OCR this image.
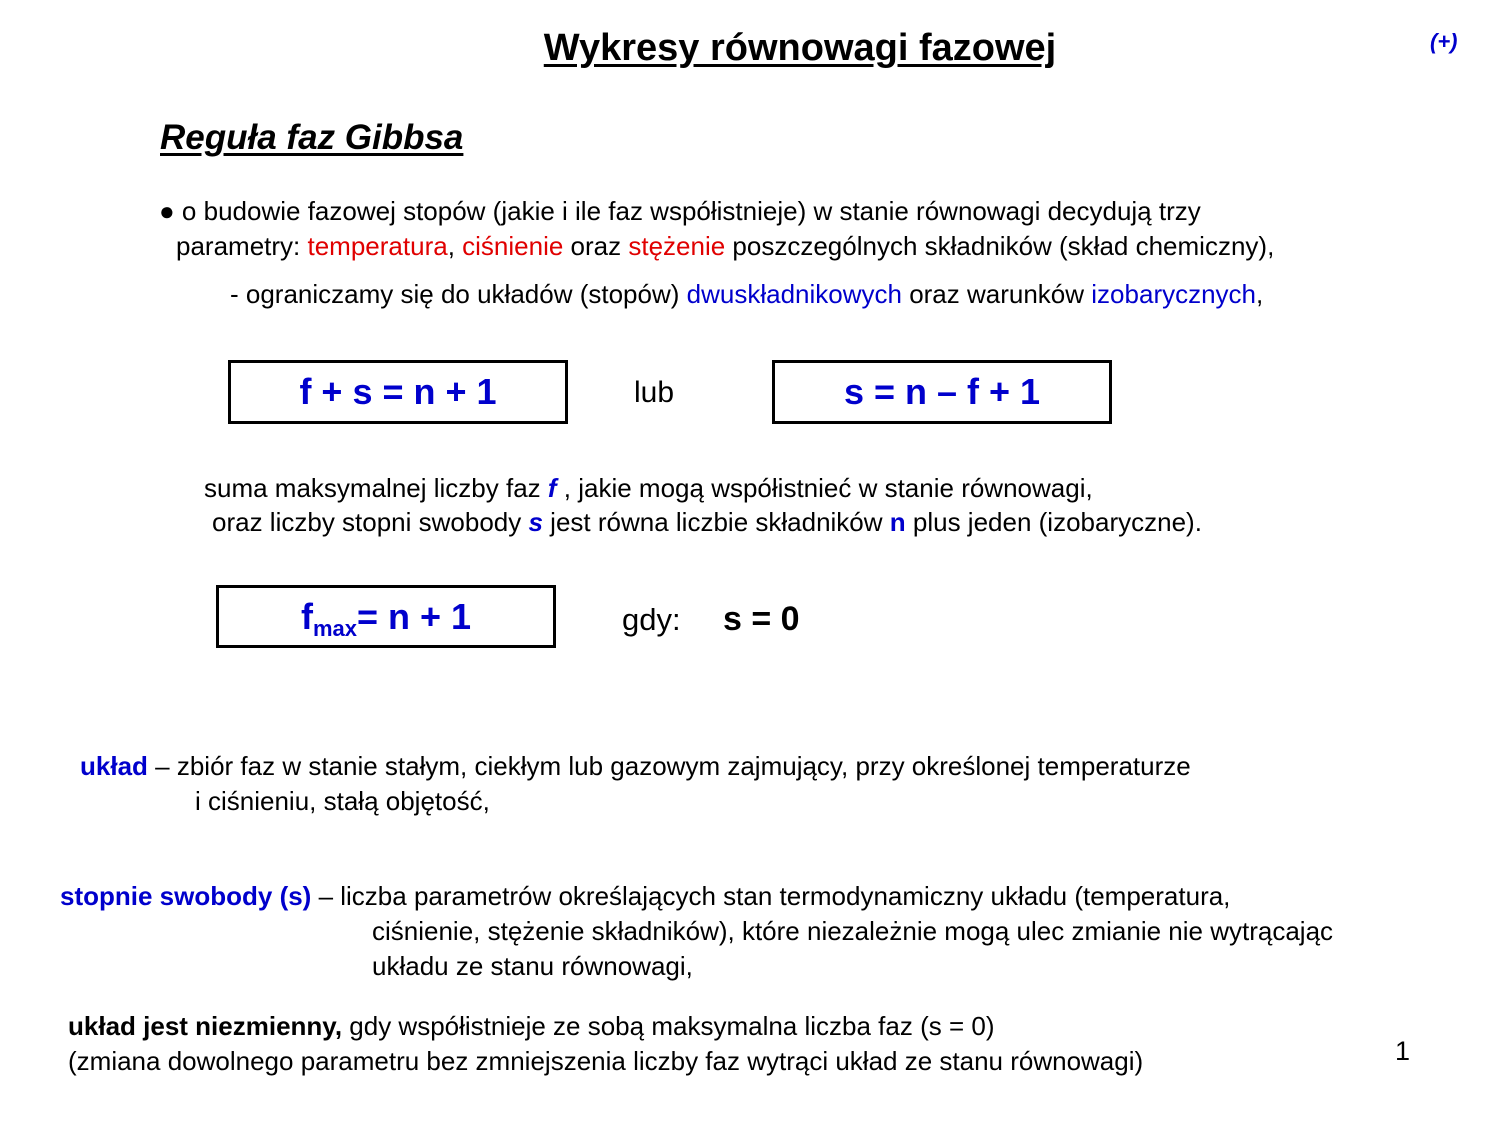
Wykresy równowagi fazowej	(+)
Reguła faz Gibbsa
● o budowie fazowej stopów (jakie i ile faz współistnieje) w stanie równowagi decydują trzy
parametry: temperatura, ciśnienie oraz stężenie poszczególnych składników (skład chemiczny),
- ograniczamy się do układów (stopów) dwuskładnikowych oraz warunków izobarycznych,
f + s = n + 1	lub	s = n – f + 1
suma maksymalnej liczby faz f , jakie mogą współistnieć w stanie równowagi,
oraz liczby stopni swobody s jest równa liczbie składników n plus jeden (izobaryczne).
f max = n + 1	gdy: s = 0
układ – zbiór faz w stanie stałym, ciekłym lub gazowym zajmujący, przy określonej temperaturze
i ciśnieniu, stałą objętość,
stopnie swobody (s) – liczba parametrów określających stan termodynamiczny układu (temperatura,
ciśnienie, stężenie składników), które niezależnie mogą ulec zmianie nie wytrącając
układu ze stanu równowagi,
układ jest niezmienny, gdy współistnieje ze sobą maksymalna liczba faz (s = 0)
(zmiana dowolnego parametru bez zmniejszenia liczby faz wytrąci układ ze stanu równowagi)	1
